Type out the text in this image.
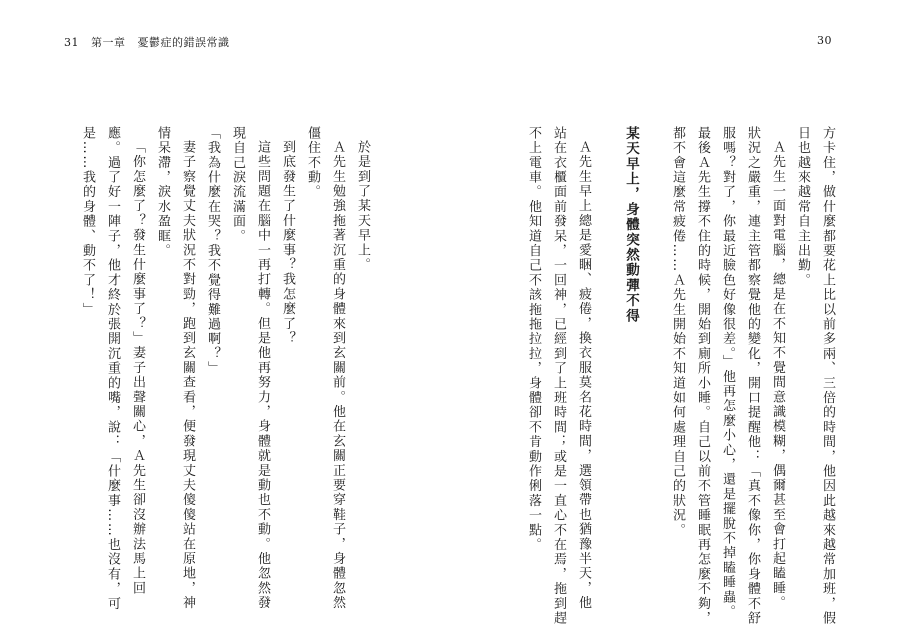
31 第一章 憂鬱症的錯誤常識	30
方卡住，做什麼都要花上比以前多兩、三倍的時間，他因此越來越常加班，假
日也越來越常自主出勤。
Ａ先生一面對電腦，總是在不知不覺間意識模糊，偶爾甚至會打起瞌睡。
狀況之嚴重，連主管都察覺他的變化，開口提醒他：「真不像你，你身體不舒
服嗎？對了，你最近臉色好像很差。」他再怎麼小心，還是擺脫不掉瞌睡蟲。
最後Ａ先生撐不住的時候，開始到廁所小睡。自己以前不管睡眠再怎麼不夠，
都不會這麼常疲倦……Ａ先生開始不知道如何處理自己的狀況。
某天早上，身體突然動彈不得
Ａ先生早上總是愛睏、疲倦，換衣服莫名花時間，選領帶也猶豫半天，他
站在衣櫃面前發呆，一回神，已經到了上班時間；或是一直心不在焉，拖到趕
不上電車。他知道自己不該拖拖拉拉，身體卻不肯動作俐落一點。
於是到了某天早上。
Ａ先生勉強拖著沉重的身體來到玄關前。他在玄關正要穿鞋子，身體忽然
僵住不動。
到底發生了什麼事？我怎麼了？
這些問題在腦中一再打轉。但是他再努力，身體就是動也不動。他忽然發
現自己淚流滿面。
「我為什麼在哭？我不覺得難過啊？」
妻子察覺丈夫狀況不對勁，跑到玄關查看，便發現丈夫傻傻站在原地，神
情呆滯，淚水盈眶。
「你怎麼了？發生什麼事了？」妻子出聲關心，Ａ先生卻沒辦法馬上回
應。過了好一陣子，他才終於張開沉重的嘴，說：「什麼事……也沒有，可
是……我的身體、動不了！」
